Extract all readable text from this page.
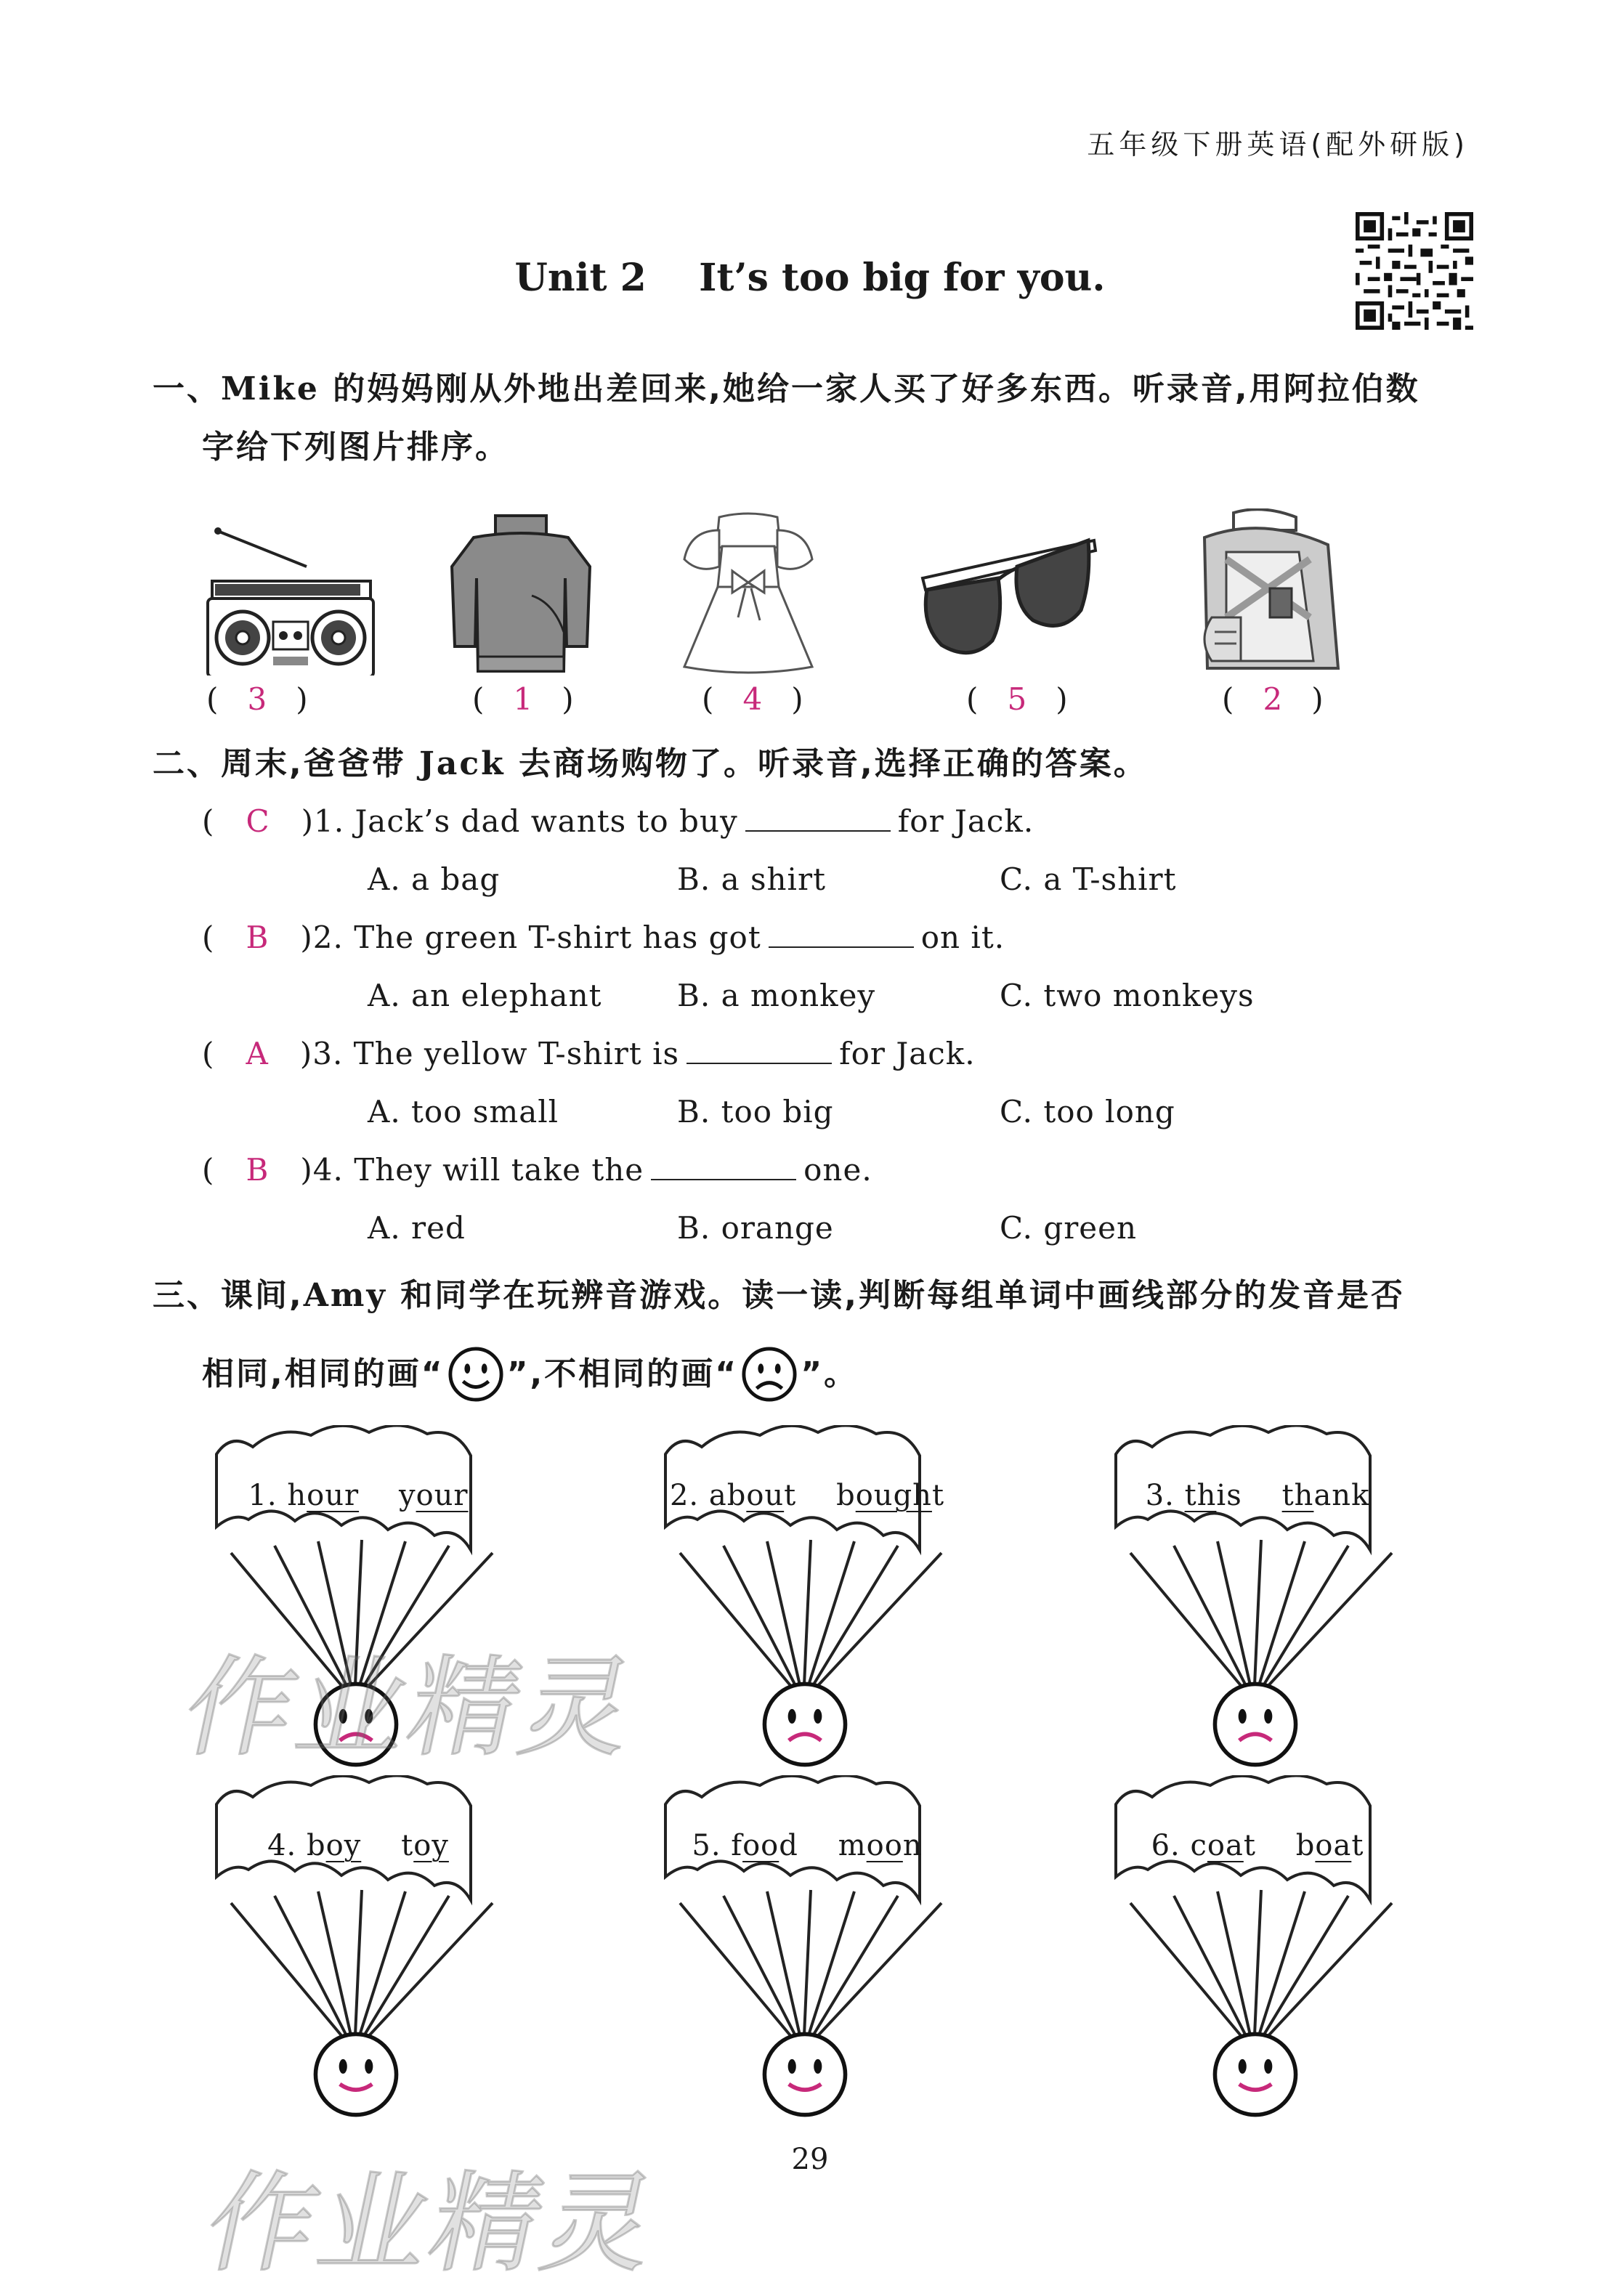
五年级下册英语(配外研版)
Unit 2    It’s too big for you.
一、Mike 的妈妈刚从外地出差回来,她给一家人买了好多东西。听录音,用阿拉伯数
字给下列图片排序。
(   3   )	(   1   )	(   4   )	(   5   )	(   2   )
二、周末,爸爸带 Jack 去商场购物了。听录音,选择正确的答案。
(   C   )1. Jack’s dad wants to buy	for Jack.
A. a bag	B. a shirt	C. a T-shirt
(   B   )2. The green T-shirt has got	on it.
A. an elephant B. a monkey	C. two monkeys
(   A   )3. The yellow T-shirt is	for Jack.
A. too small	B. too big	C. too long
(   B   )4. They will take the	one.
A. red	B. orange	C. green
三、课间,Amy 和同学在玩辨音游戏。读一读,判断每组单词中画线部分的发音是否
相同,相同的画“ ”,不相同的画“ ”。
1. hour your	2. about bought	3. this thank
4. boy toy	5. food moon	6. coat boat
作业精灵
作业精灵
29
